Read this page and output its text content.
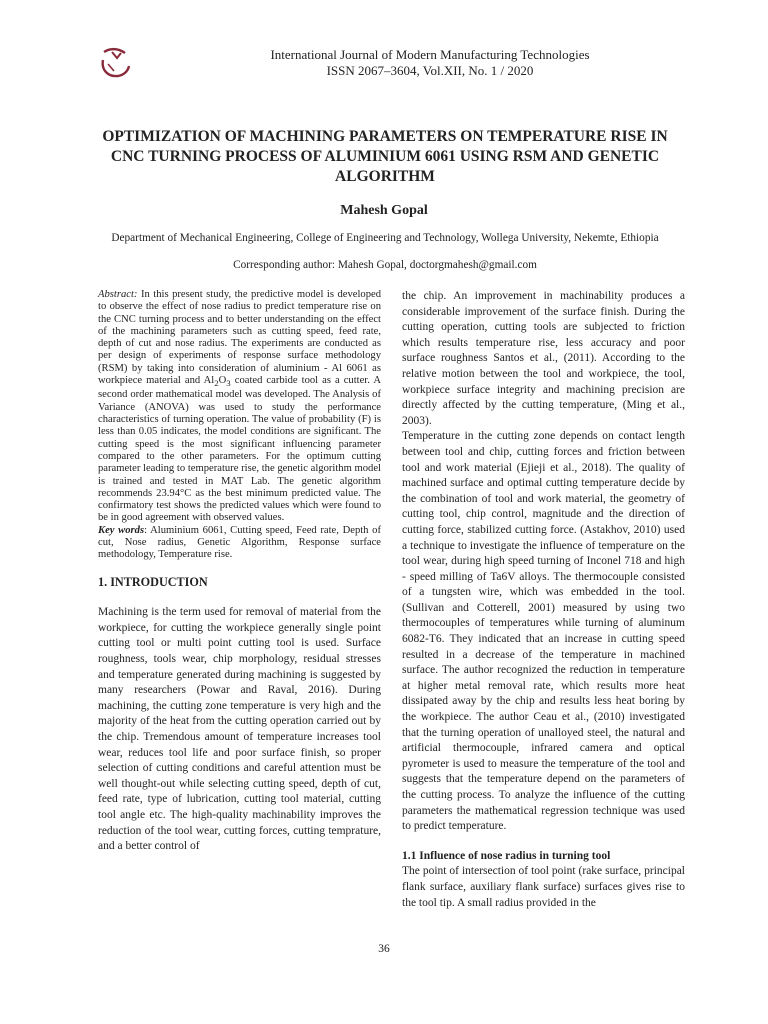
International Journal of Modern Manufacturing Technologies
ISSN 2067–3604, Vol.XII, No. 1 / 2020
OPTIMIZATION OF MACHINING PARAMETERS ON TEMPERATURE RISE IN CNC TURNING PROCESS OF ALUMINIUM 6061 USING RSM AND GENETIC ALGORITHM
Mahesh Gopal
Department of Mechanical Engineering, College of Engineering and Technology, Wollega University, Nekemte, Ethiopia
Corresponding author: Mahesh Gopal, doctorgmahesh@gmail.com

Abstract: In this present study, the predictive model is developed to observe the effect of nose radius to predict temperature rise on the CNC turning process and to better understanding on the effect of the machining parameters such as cutting speed, feed rate, depth of cut and nose radius. The experiments are conducted as per design of experiments of response surface methodology (RSM) by taking into consideration of aluminium - Al 6061 as workpiece material and $Al_2O_3$ coated carbide tool as a cutter. A second order mathematical model was developed. The Analysis of Variance (ANOVA) was used to study the performance characteristics of turning operation. The value of probability (F) is less than 0.05 indicates, the model conditions are significant. The cutting speed is the most significant influencing parameter compared to the other parameters. For the optimum cutting parameter leading to temperature rise, the genetic algorithm model is trained and tested in MAT Lab. The genetic algorithm recommends 23.94°C as the best minimum predicted value. The confirmatory test shows the predicted values which were found to be in good agreement with observed values.

Key words: Aluminium 6061, Cutting speed, Feed rate, Depth of cut, Nose radius, Genetic Algorithm, Response surface methodology, Temperature rise.

1. INTRODUCTION

Machining is the term used for removal of material from the workpiece, for cutting the workpiece generally single point cutting tool or multi point cutting tool is used. Surface roughness, tools wear, chip morphology, residual stresses and temperature generated during machining is suggested by many researchers (Powar and Raval, 2016). During machining, the cutting zone temperature is very high and the majority of the heat from the cutting operation carried out by the chip. Tremendous amount of temperature increases tool wear, reduces tool life and poor surface finish, so proper selection of cutting conditions and careful attention must be well thought-out while selecting cutting speed, depth of cut, feed rate, type of lubrication, cutting tool material, cutting tool angle etc. The high-quality machinability improves the reduction of the tool wear, cutting forces, cutting temprature, and a better control of

the chip. An improvement in machinability produces a considerable improvement of the surface finish. During the cutting operation, cutting tools are subjected to friction which results temperature rise, less accuracy and poor surface roughness Santos et al., (2011). According to the relative motion between the tool and workpiece, the tool, workpiece surface integrity and machining precision are directly affected by the cutting temperature, (Ming et al., 2003).

Temperature in the cutting zone depends on contact length between tool and chip, cutting forces and friction between tool and work material (Ejieji et al., 2018). The quality of machined surface and optimal cutting temperature decide by the combination of tool and work material, the geometry of cutting tool, chip control, magnitude and the direction of cutting force, stabilized cutting force. (Astakhov, 2010) used a technique to investigate the influence of temperature on the tool wear, during high speed turning of Inconel 718 and high - speed milling of Ta6V alloys. The thermocouple consisted of a tungsten wire, which was embedded in the tool. (Sullivan and Cotterell, 2001) measured by using two thermocouples of temperatures while turning of aluminum 6082-T6. They indicated that an increase in cutting speed resulted in a decrease of the temperature in machined surface. The author recognized the reduction in temperature at higher metal removal rate, which results more heat dissipated away by the chip and results less heat boring by the workpiece. The author Ceau et al., (2010) investigated that the turning operation of unalloyed steel, the natural and artificial thermocouple, infrared camera and optical pyrometer is used to measure the temperature of the tool and suggests that the temperature depend on the parameters of the cutting process. To analyze the influence of the cutting parameters the mathematical regression technique was used to predict temperature.

1.1 Influence of nose radius in turning tool

The point of intersection of tool point (rake surface, principal flank surface, auxiliary flank surface) surfaces gives rise to the tool tip. A small radius provided in the

36
